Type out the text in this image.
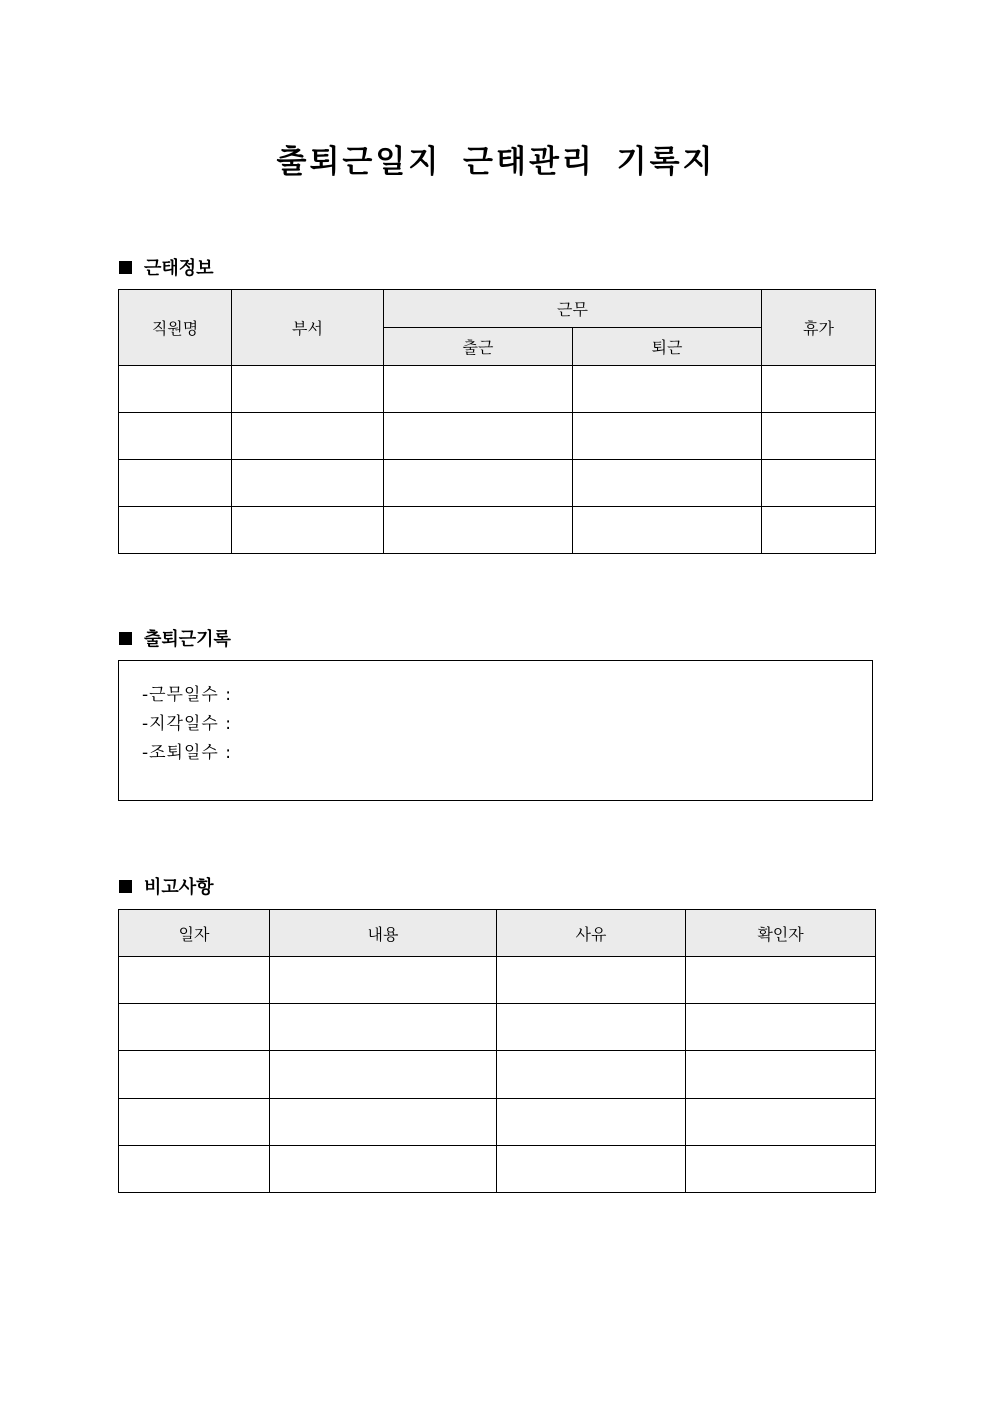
출퇴근일지 근태관리 기록지
근태정보
직원명	부서	근무		휴가
		출근	퇴근	

출퇴근기록
-근무일수 :
-지각일수 :
-조퇴일수 :
비고사항
일자	내용	사유	확인자
